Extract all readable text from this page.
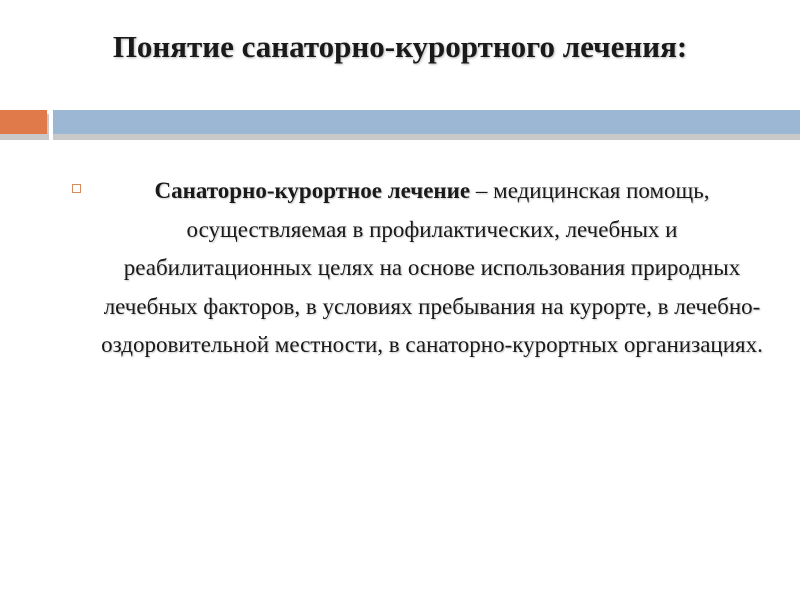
Понятие санаторно-курортного лечения:
Санаторно-курортное лечение – медицинская помощь, осуществляемая в профилактических, лечебных и реабилитационных целях на основе использования природных лечебных факторов, в условиях пребывания на курорте, в лечебно-оздоровительной местности, в санаторно-курортных организациях.
